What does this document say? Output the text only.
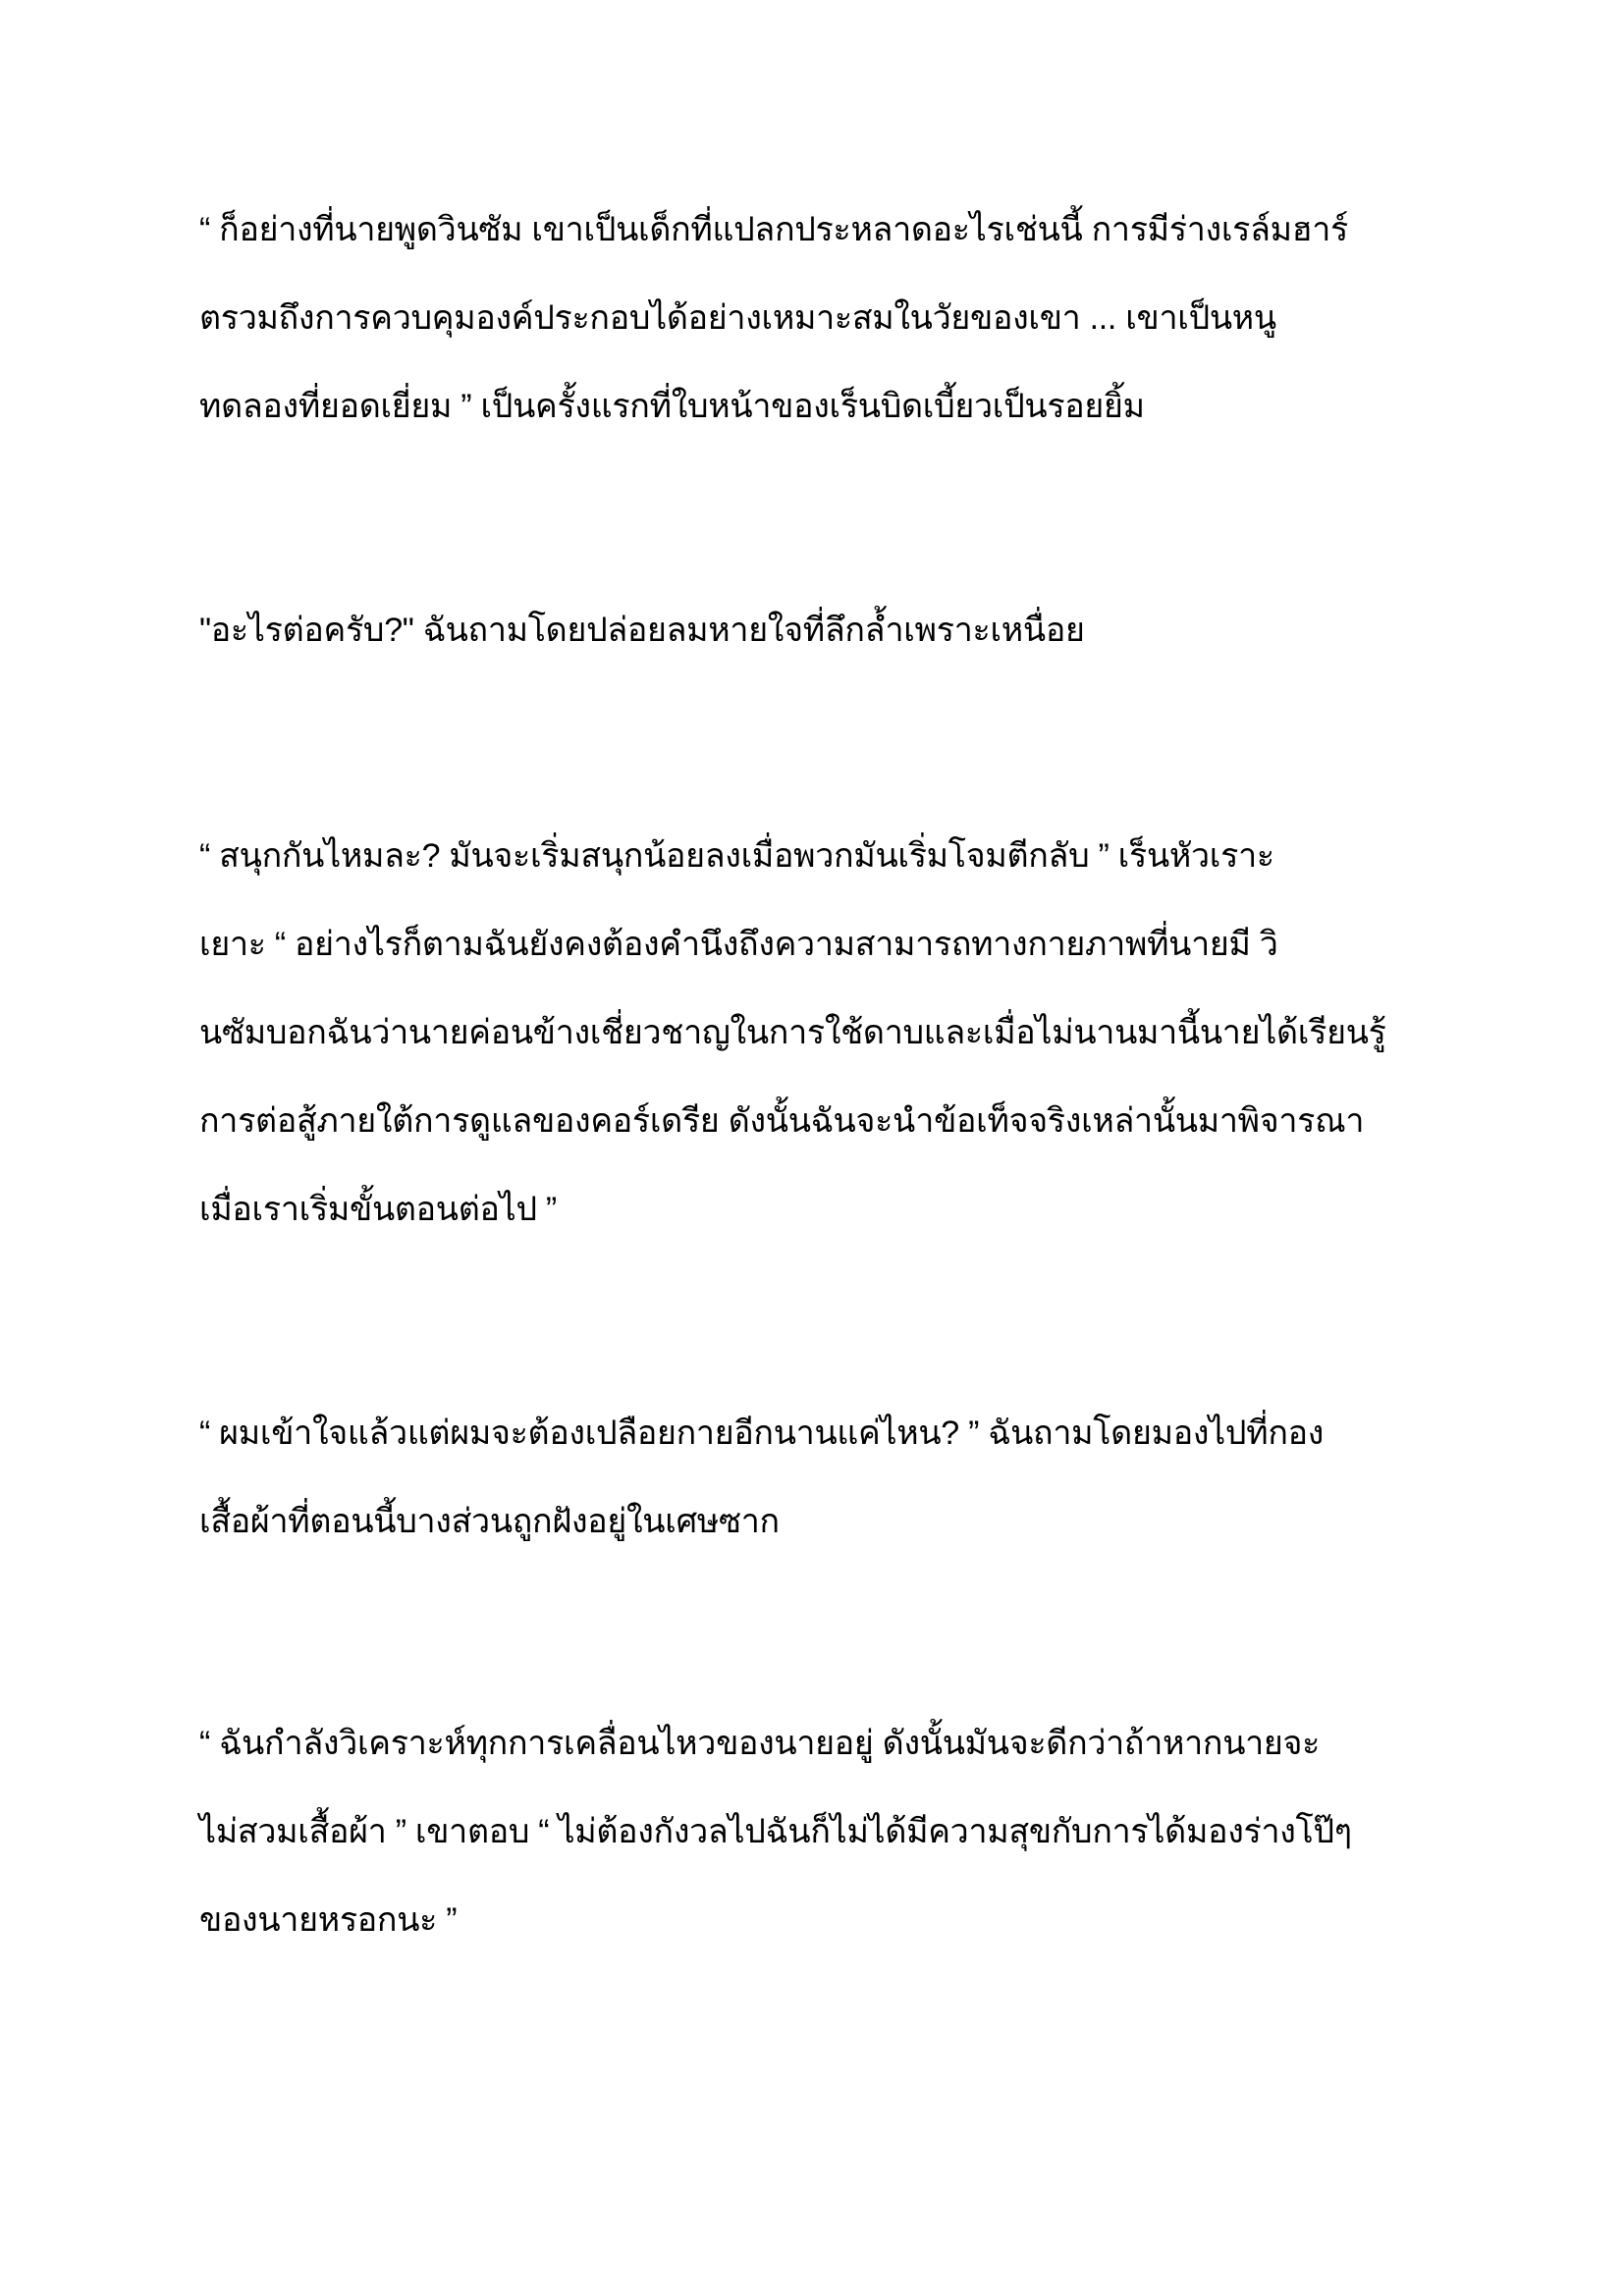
“ ก็อย่างที่นายพูดวินซัม เขาเป็นเด็กที่แปลกประหลาดอะไรเช่นนี้ การมีร่างเรล์มฮาร์
ตรวมถึงการควบคุมองค์ประกอบได้อย่างเหมาะสมในวัยของเขา ... เขาเป็นหนู
ทดลองที่ยอดเยี่ยม ” เป็นครั้งแรกที่ใบหน้าของเร็นบิดเบี้ยวเป็นรอยยิ้ม
"อะไรต่อครับ?" ฉันถามโดยปล่อยลมหายใจที่ลึกล้ำเพราะเหนื่อย
“ สนุกกันไหมละ? มันจะเริ่มสนุกน้อยลงเมื่อพวกมันเริ่มโจมตีกลับ ” เร็นหัวเราะ
เยาะ “ อย่างไรก็ตามฉันยังคงต้องคำนึงถึงความสามารถทางกายภาพที่นายมี วิ
นซัมบอกฉันว่านายค่อนข้างเชี่ยวชาญในการใช้ดาบและเมื่อไม่นานมานี้นายได้เรียนรู้
การต่อสู้ภายใต้การดูแลของคอร์เดรีย ดังนั้นฉันจะนำข้อเท็จจริงเหล่านั้นมาพิจารณา
เมื่อเราเริ่มขั้นตอนต่อไป ”
“ ผมเข้าใจแล้วแต่ผมจะต้องเปลือยกายอีกนานแค่ไหน? ” ฉันถามโดยมองไปที่กอง
เสื้อผ้าที่ตอนนี้บางส่วนถูกฝังอยู่ในเศษซาก
“ ฉันกำลังวิเคราะห์ทุกการเคลื่อนไหวของนายอยู่ ดังนั้นมันจะดีกว่าถ้าหากนายจะ
ไม่สวมเสื้อผ้า ” เขาตอบ “ ไม่ต้องกังวลไปฉันก็ไม่ได้มีความสุขกับการได้มองร่างโป๊ๆ
ของนายหรอกนะ ”
